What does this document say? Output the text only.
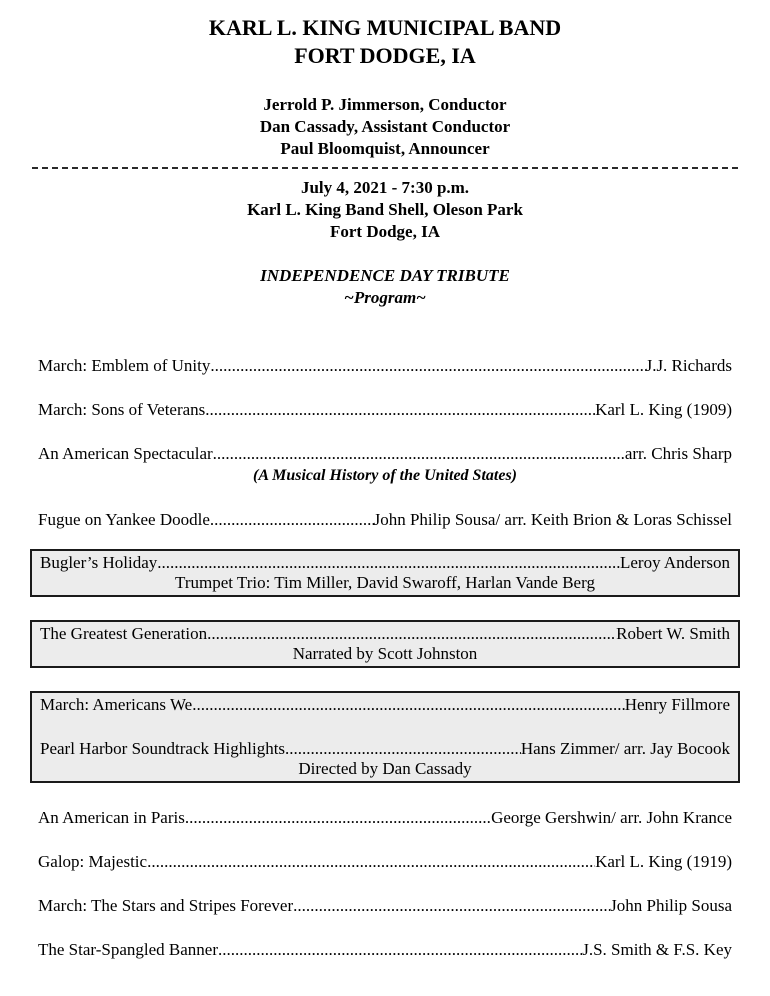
KARL L. KING MUNICIPAL BAND
FORT DODGE, IA
Jerrold P. Jimmerson, Conductor
Dan Cassady, Assistant Conductor
Paul Bloomquist, Announcer
July 4, 2021 - 7:30 p.m.
Karl L. King Band Shell, Oleson Park
Fort Dodge, IA
INDEPENDENCE DAY TRIBUTE
~Program~
March: Emblem of Unity .....	J.J. Richards
March: Sons of Veterans .....	Karl L. King (1909)
An American Spectacular .....	arr. Chris Sharp
(A Musical History of the United States)
Fugue on Yankee Doodle .....	John Philip Sousa/ arr. Keith Brion & Loras Schissel
Bugler’s Holiday .....	Leroy Anderson
Trumpet Trio: Tim Miller, David Swaroff, Harlan Vande Berg
The Greatest Generation .....	Robert W. Smith
Narrated by Scott Johnston
March: Americans We .....	Henry Fillmore
Pearl Harbor Soundtrack Highlights .....	Hans Zimmer/ arr. Jay Bocook
Directed by Dan Cassady
An American in Paris .....	George Gershwin/ arr. John Krance
Galop: Majestic .....	Karl L. King (1919)
March: The Stars and Stripes Forever .....	John Philip Sousa
The Star-Spangled Banner .....	J.S. Smith & F.S. Key
